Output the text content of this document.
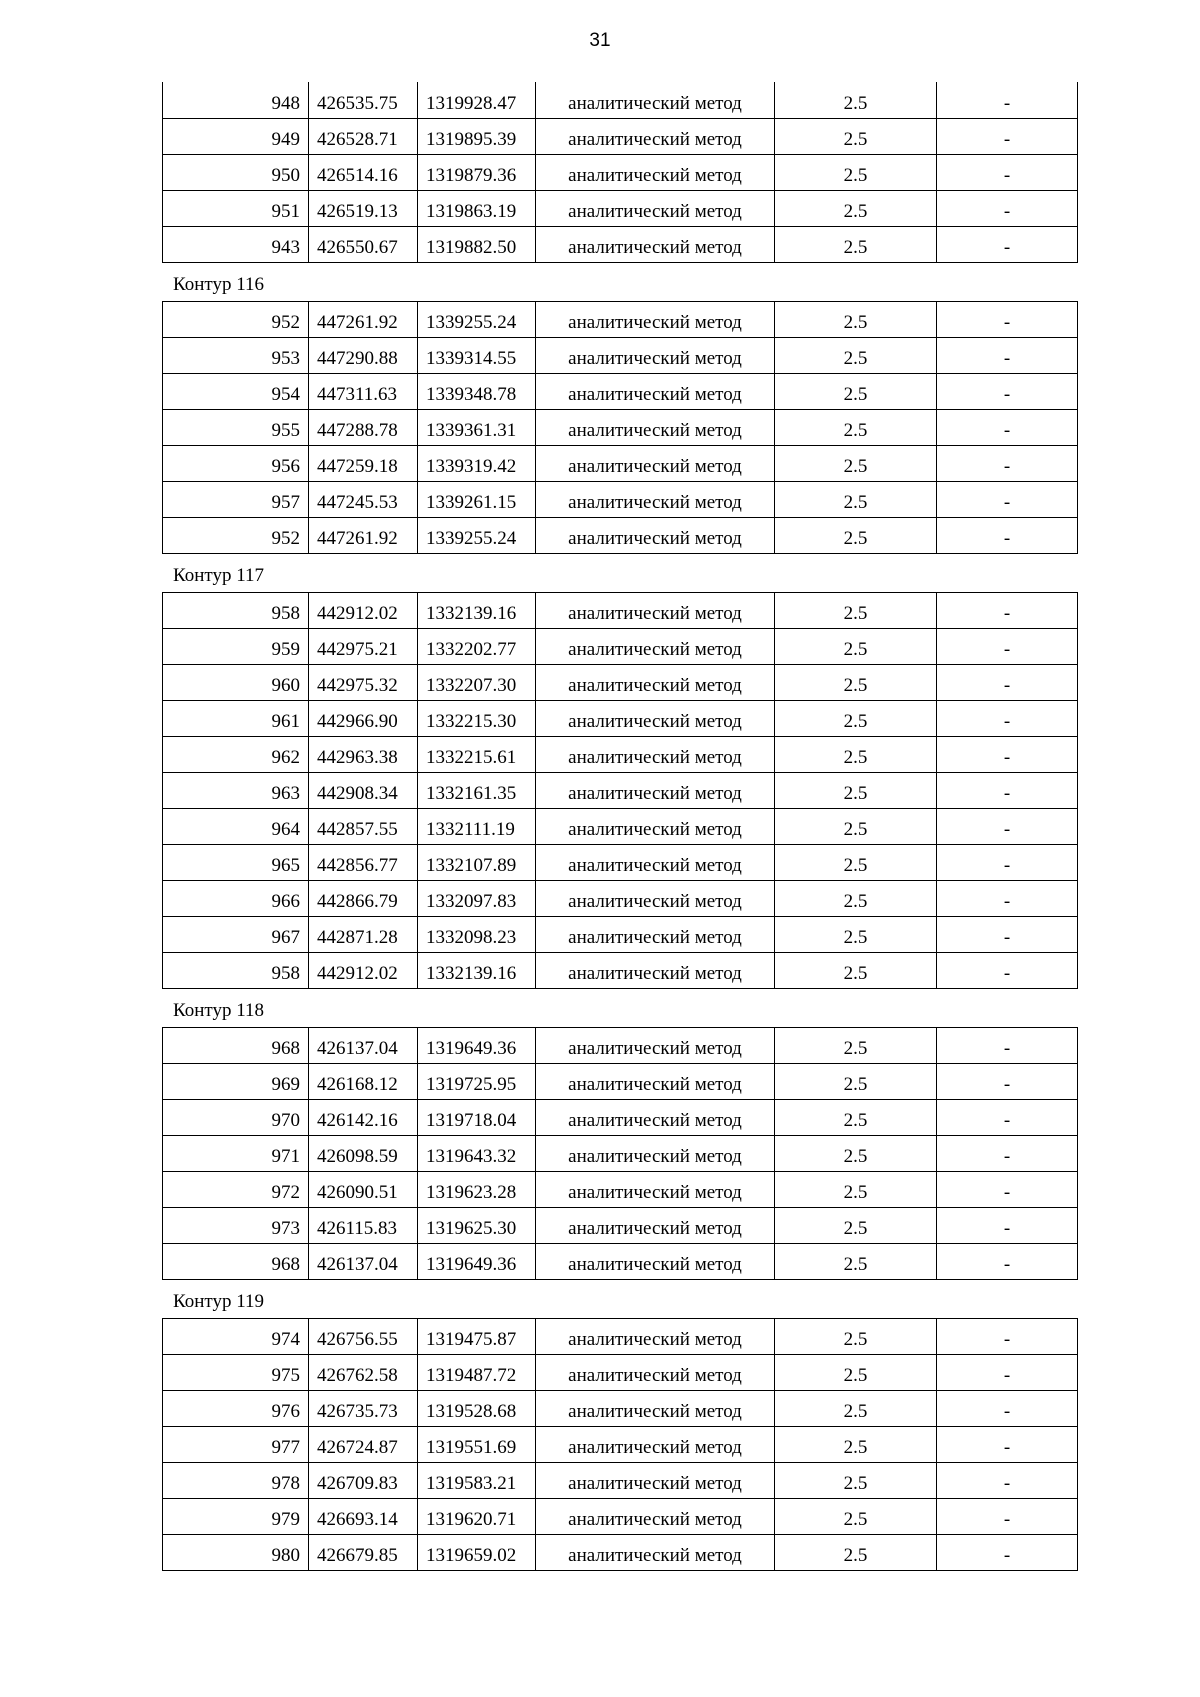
31
948	426535.75	1319928.47	аналитический метод	2.5	-
949	426528.71	1319895.39	аналитический метод	2.5	-
950	426514.16	1319879.36	аналитический метод	2.5	-
951	426519.13	1319863.19	аналитический метод	2.5	-
943	426550.67	1319882.50	аналитический метод	2.5	-
Контур 116
952	447261.92	1339255.24	аналитический метод	2.5	-
953	447290.88	1339314.55	аналитический метод	2.5	-
954	447311.63	1339348.78	аналитический метод	2.5	-
955	447288.78	1339361.31	аналитический метод	2.5	-
956	447259.18	1339319.42	аналитический метод	2.5	-
957	447245.53	1339261.15	аналитический метод	2.5	-
952	447261.92	1339255.24	аналитический метод	2.5	-
Контур 117
958	442912.02	1332139.16	аналитический метод	2.5	-
959	442975.21	1332202.77	аналитический метод	2.5	-
960	442975.32	1332207.30	аналитический метод	2.5	-
961	442966.90	1332215.30	аналитический метод	2.5	-
962	442963.38	1332215.61	аналитический метод	2.5	-
963	442908.34	1332161.35	аналитический метод	2.5	-
964	442857.55	1332111.19	аналитический метод	2.5	-
965	442856.77	1332107.89	аналитический метод	2.5	-
966	442866.79	1332097.83	аналитический метод	2.5	-
967	442871.28	1332098.23	аналитический метод	2.5	-
958	442912.02	1332139.16	аналитический метод	2.5	-
Контур 118
968	426137.04	1319649.36	аналитический метод	2.5	-
969	426168.12	1319725.95	аналитический метод	2.5	-
970	426142.16	1319718.04	аналитический метод	2.5	-
971	426098.59	1319643.32	аналитический метод	2.5	-
972	426090.51	1319623.28	аналитический метод	2.5	-
973	426115.83	1319625.30	аналитический метод	2.5	-
968	426137.04	1319649.36	аналитический метод	2.5	-
Контур 119
974	426756.55	1319475.87	аналитический метод	2.5	-
975	426762.58	1319487.72	аналитический метод	2.5	-
976	426735.73	1319528.68	аналитический метод	2.5	-
977	426724.87	1319551.69	аналитический метод	2.5	-
978	426709.83	1319583.21	аналитический метод	2.5	-
979	426693.14	1319620.71	аналитический метод	2.5	-
980	426679.85	1319659.02	аналитический метод	2.5	-
